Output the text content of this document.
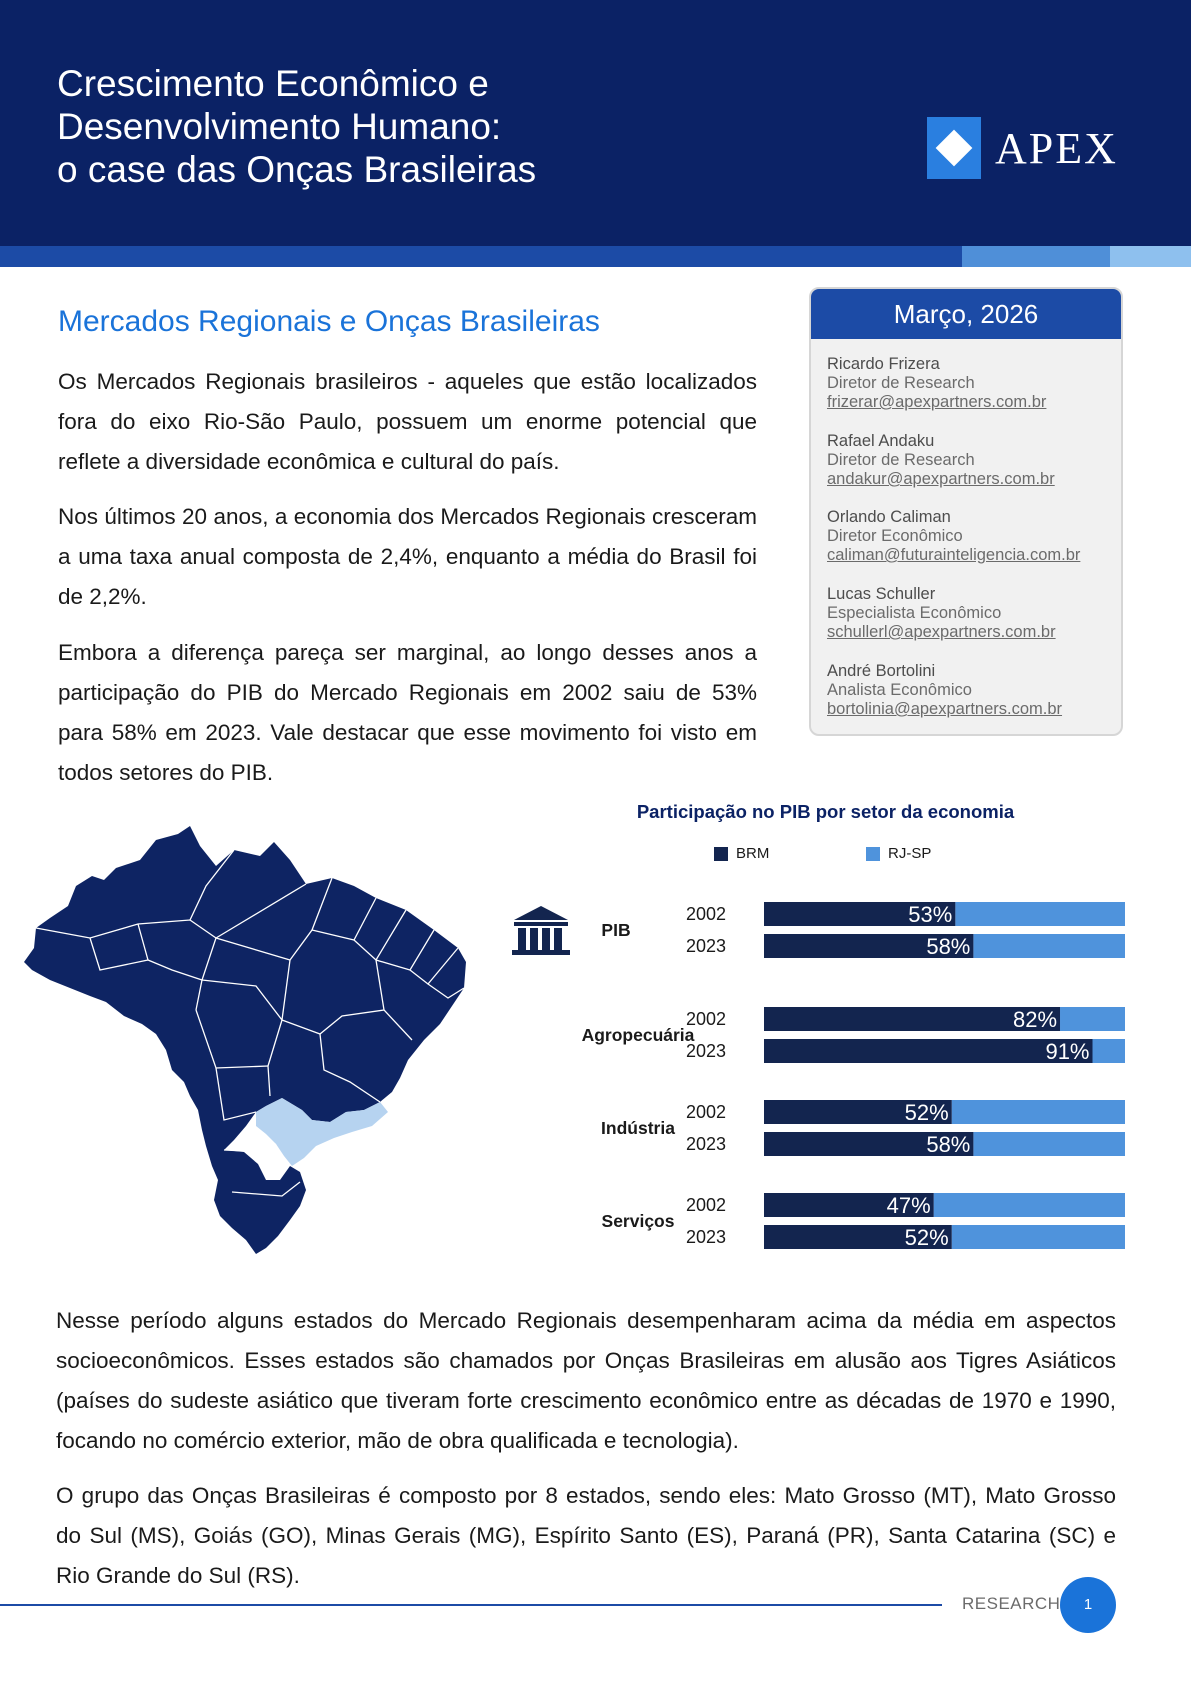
Crescimento Econômico e
Desenvolvimento Humano:
o case das Onças Brasileiras	APEX
Mercados Regionais e Onças Brasileiras

Os Mercados Regionais brasileiros - aqueles que estão localizados fora do eixo Rio-São Paulo, possuem um enorme potencial que reflete a diversidade econômica e cultural do país.

Nos últimos 20 anos, a economia dos Mercados Regionais cresceram a uma taxa anual composta de 2,4%, enquanto a média do Brasil foi de 2,2%.

Embora a diferença pareça ser marginal, ao longo desses anos a participação do PIB do Mercado Regionais em 2002 saiu de 53% para 58% em 2023. Vale destacar que esse movimento foi visto em todos setores do PIB.

Março, 2026
Ricardo Frizera
Diretor de Research
frizerar@apexpartners.com.br
Rafael Andaku
Diretor de Research
andakur@apexpartners.com.br
Orlando Caliman
Diretor Econômico
caliman@futurainteligencia.com.br
Lucas Schuller
Especialista Econômico
schullerl@apexpartners.com.br
André Bortolini
Analista Econômico
bortolinia@apexpartners.com.br
Participação no PIB por setor da economia
BRM	RJ-SP
PIB
2002	53%
2023	58%
Agropecuária
2002	82%
2023	91%
Indústria
2002	52%
2023	58%
Serviços
2002	47%
2023	52%

Nesse período alguns estados do Mercado Regionais desempenharam acima da média em aspectos socioeconômicos. Esses estados são chamados por Onças Brasileiras em alusão aos Tigres Asiáticos (países do sudeste asiático que tiveram forte crescimento econômico entre as décadas de 1970 e 1990, focando no comércio exterior, mão de obra qualificada e tecnologia).

O grupo das Onças Brasileiras é composto por 8 estados, sendo eles: Mato Grosso (MT), Mato Grosso do Sul (MS), Goiás (GO), Minas Gerais (MG), Espírito Santo (ES), Paraná (PR), Santa Catarina (SC) e Rio Grande do Sul (RS).

RESEARCH	1
